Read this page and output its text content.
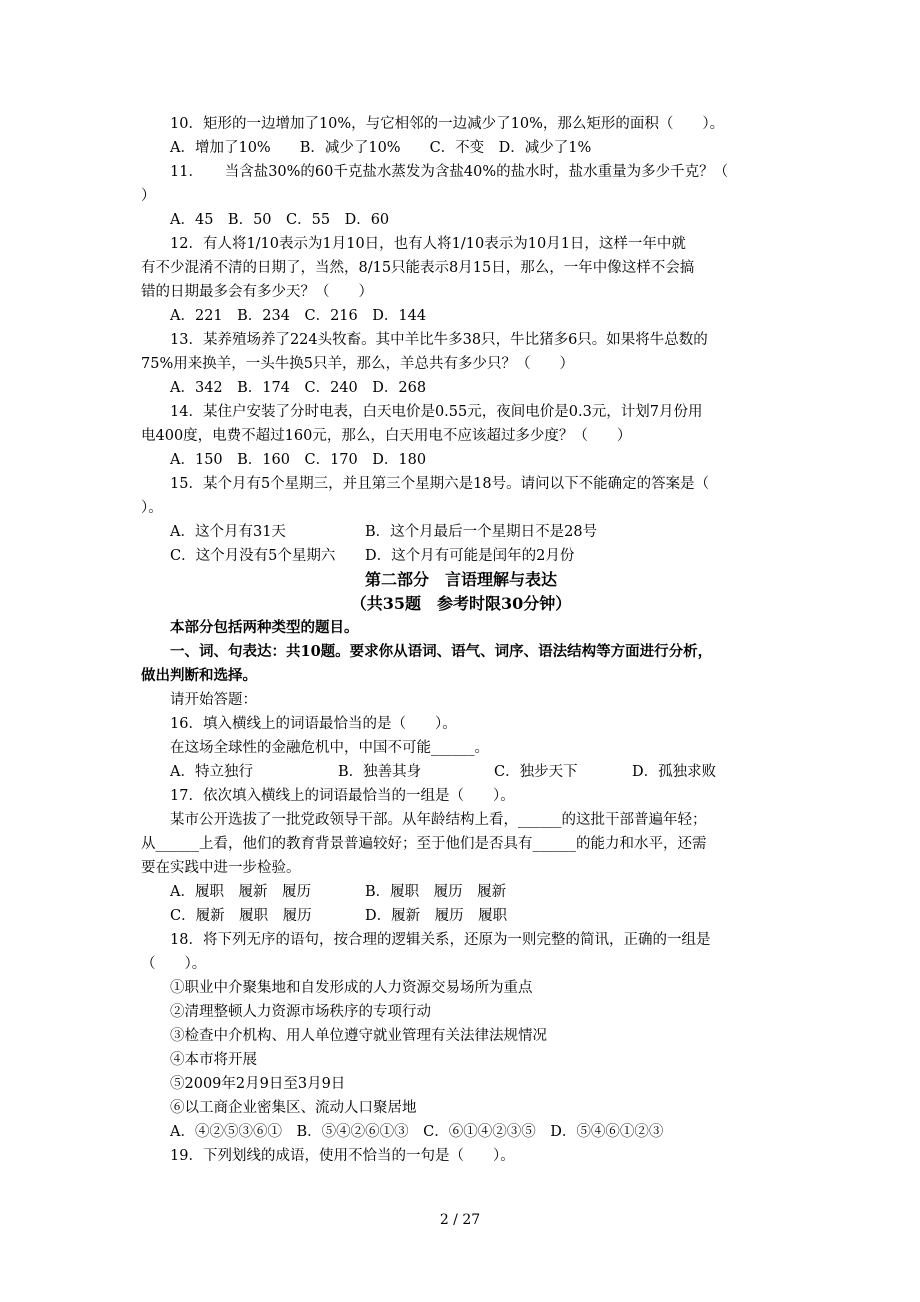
10．矩形的一边增加了10%，与它相邻的一边减少了10%，那么矩形的面积（　　）。
A．增加了10%　　B．减少了10%　　C．不变　D．减少了1%
11．　　当含盐30%的60千克盐水蒸发为含盐40%的盐水时，盐水重量为多少千克？（
）
A．45　B．50　C．55　D．60
12．有人将1/10表示为1月10日，也有人将1/10表示为10月1日，这样一年中就
有不少混淆不清的日期了，当然，8/15只能表示8月15日，那么，一年中像这样不会搞
错的日期最多会有多少天？（　　）
A．221　B．234　C．216　D．144
13．某养殖场养了224头牧畜。其中羊比牛多38只，牛比猪多6只。如果将牛总数的
75%用来换羊，一头牛换5只羊，那么，羊总共有多少只？（　　）
A．342　B．174　C．240　D．268
14．某住户安装了分时电表，白天电价是0.55元，夜间电价是0.3元，计划7月份用
电400度，电费不超过160元，那么，白天用电不应该超过多少度？（　　）
A．150　B．160　C．170　D．180
15．某个月有5个星期三，并且第三个星期六是18号。请问以下不能确定的答案是（
）。
A．这个月有31天	B．这个月最后一个星期日不是28号
C．这个月没有5个星期六 D．这个月有可能是闰年的2月份
第二部分　言语理解与表达
（共35题　参考时限30分钟）
本部分包括两种类型的题目。
一、词、句表达：共10题。要求你从语词、语气、词序、语法结构等方面进行分析，
做出判断和选择。
请开始答题：
16．填入横线上的词语最恰当的是（　　）。
在这场全球性的金融危机中，中国不可能______。
A．特立独行	B．独善其身	C．独步天下	D．孤独求败
17．依次填入横线上的词语最恰当的一组是（　　）。
某市公开选拔了一批党政领导干部。从年龄结构上看，______的这批干部普遍年轻；
从______上看，他们的教育背景普遍较好；至于他们是否具有______的能力和水平，还需
要在实践中进一步检验。
A．履职　履新　履历	B．履职　履历　履新
C．履新　履职　履历	D．履新　履历　履职
18．将下列无序的语句，按合理的逻辑关系，还原为一则完整的简讯，正确的一组是
（　　）。
①职业中介聚集地和自发形成的人力资源交易场所为重点
②清理整顿人力资源市场秩序的专项行动
③检查中介机构、用人单位遵守就业管理有关法律法规情况
④本市将开展
⑤2009年2月9日至3月9日
⑥以工商企业密集区、流动人口聚居地
A．④②⑤③⑥①　B．⑤④②⑥①③　C．⑥①④②③⑤　D．⑤④⑥①②③
19．下列划线的成语，使用不恰当的一句是（　　）。
2 / 27
